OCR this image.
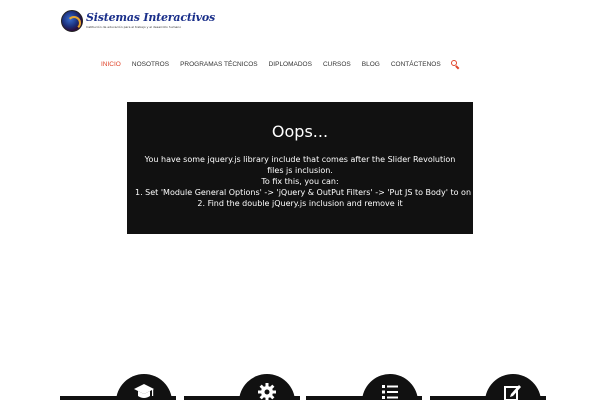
Sistemas Interactivos
Institución de educación para el trabajo y el desarrollo humano
INICIO NOSOTROS PROGRAMAS TÉCNICOS DIPLOMADOS CURSOS BLOG CONTÁCTENOS
Oops...
You have some jquery.js library include that comes after the Slider Revolution files js inclusion.
To fix this, you can:
1. Set 'Module General Options' -> 'jQuery & OutPut Filters' -> 'Put JS to Body' to on
2. Find the double jQuery.js inclusion and remove it
